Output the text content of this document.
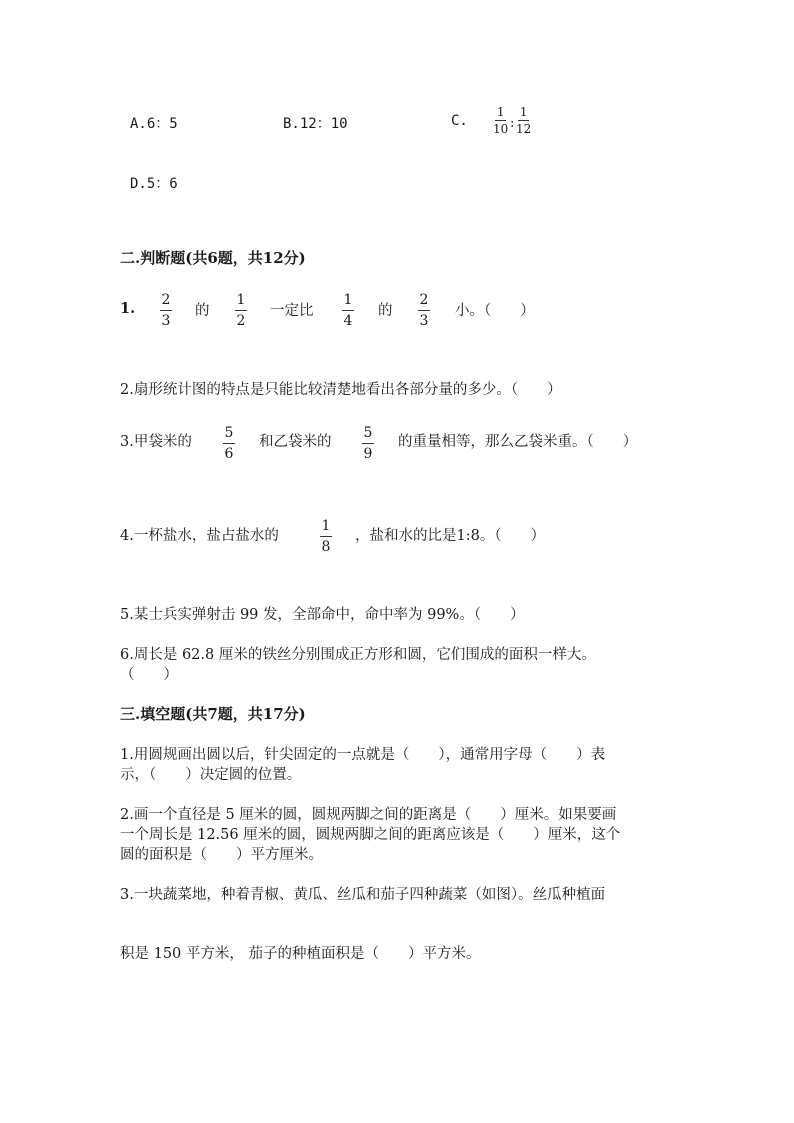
A.6：5	B.12：10	C. $\frac{1}{10}$ : $\frac{1}{12}$
D.5：6
二.判断题(共6题，共12分)
1. $\frac{2}{3}$ 的 $\frac{1}{2}$ 一定比 $\frac{1}{4}$ 的 $\frac{2}{3}$ 小。（　　）
2.扇形统计图的特点是只能比较清楚地看出各部分量的多少。（　　）
3.甲袋米的 $\frac{5}{6}$ 和乙袋米的 $\frac{5}{9}$ 的重量相等，那么乙袋米重。（　　）
4.一杯盐水，盐占盐水的	$\frac{1}{8}$ ，盐和水的比是1:8。（　　）
5.某士兵实弹射击 99 发，全部命中，命中率为 99%。（　　）
6.周长是 62.8 厘米的铁丝分别围成正方形和圆，它们围成的面积一样大。
（　　）
三.填空题(共7题，共17分)
1.用圆规画出圆以后，针尖固定的一点就是（　　），通常用字母（　　）表
示，（　　）决定圆的位置。
2.画一个直径是 5 厘米的圆，圆规两脚之间的距离是（　　）厘米。如果要画
一个周长是 12.56 厘米的圆，圆规两脚之间的距离应该是（　　）厘米，这个
圆的面积是（　　）平方厘米。
3.一块蔬菜地，种着青椒、黄瓜、丝瓜和茄子四种蔬菜（如图）。丝瓜种植面
积是 150 平方米， 茄子的种植面积是（　　）平方米。
